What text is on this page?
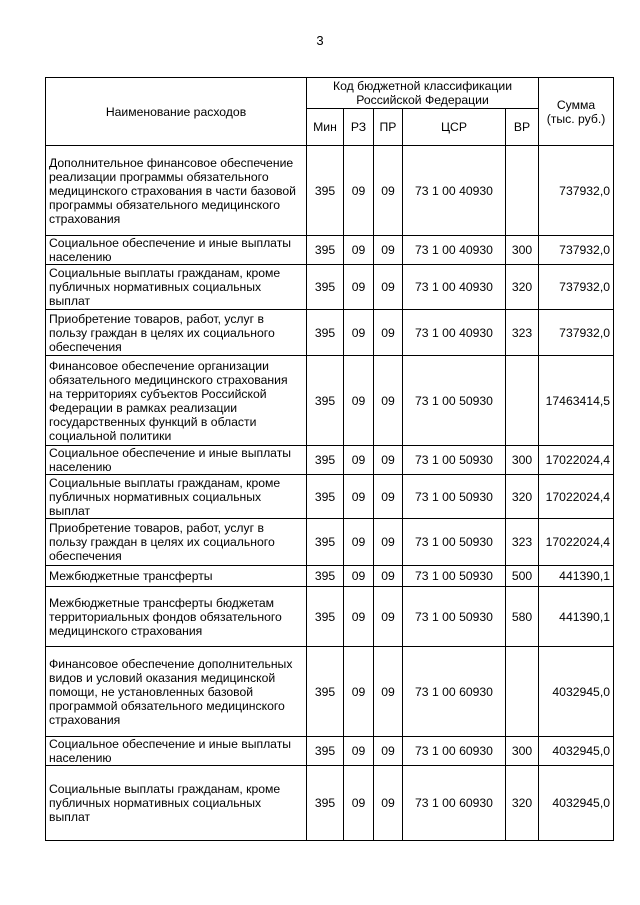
3
Наименование расходов	Код бюджетной классификации Российской Федерации					Сумма (тыс. руб.)
	Мин	РЗ	ПР	ЦСР	ВР	
Дополнительное финансовое обеспечение реализации программы обязательного медицинского страхования в части базовой программы обязательного медицинского страхования	395	09	09	73 1 00 40930		737932,0
Социальное обеспечение и иные выплаты населению	395	09	09	73 1 00 40930	300	737932,0
Социальные выплаты гражданам, кроме публичных нормативных социальных выплат	395	09	09	73 1 00 40930	320	737932,0
Приобретение товаров, работ, услуг в пользу граждан в целях их социального обеспечения	395	09	09	73 1 00 40930	323	737932,0
Финансовое обеспечение организации обязательного медицинского страхования на территориях субъектов Российской Федерации в рамках реализации государственных функций в области социальной политики	395	09	09	73 1 00 50930		17463414,5
Социальное обеспечение и иные выплаты населению	395	09	09	73 1 00 50930	300	17022024,4
Социальные выплаты гражданам, кроме публичных нормативных социальных выплат	395	09	09	73 1 00 50930	320	17022024,4
Приобретение товаров, работ, услуг в пользу граждан в целях их социального обеспечения	395	09	09	73 1 00 50930	323	17022024,4
Межбюджетные трансферты	395	09	09	73 1 00 50930	500	441390,1
Межбюджетные трансферты бюджетам территориальных фондов обязательного медицинского страхования	395	09	09	73 1 00 50930	580	441390,1
Финансовое обеспечение дополнительных видов и условий оказания медицинской помощи, не установленных базовой программой обязательного медицинского страхования	395	09	09	73 1 00 60930		4032945,0
Социальное обеспечение и иные выплаты населению	395	09	09	73 1 00 60930	300	4032945,0
Социальные выплаты гражданам, кроме публичных нормативных социальных выплат	395	09	09	73 1 00 60930	320	4032945,0
